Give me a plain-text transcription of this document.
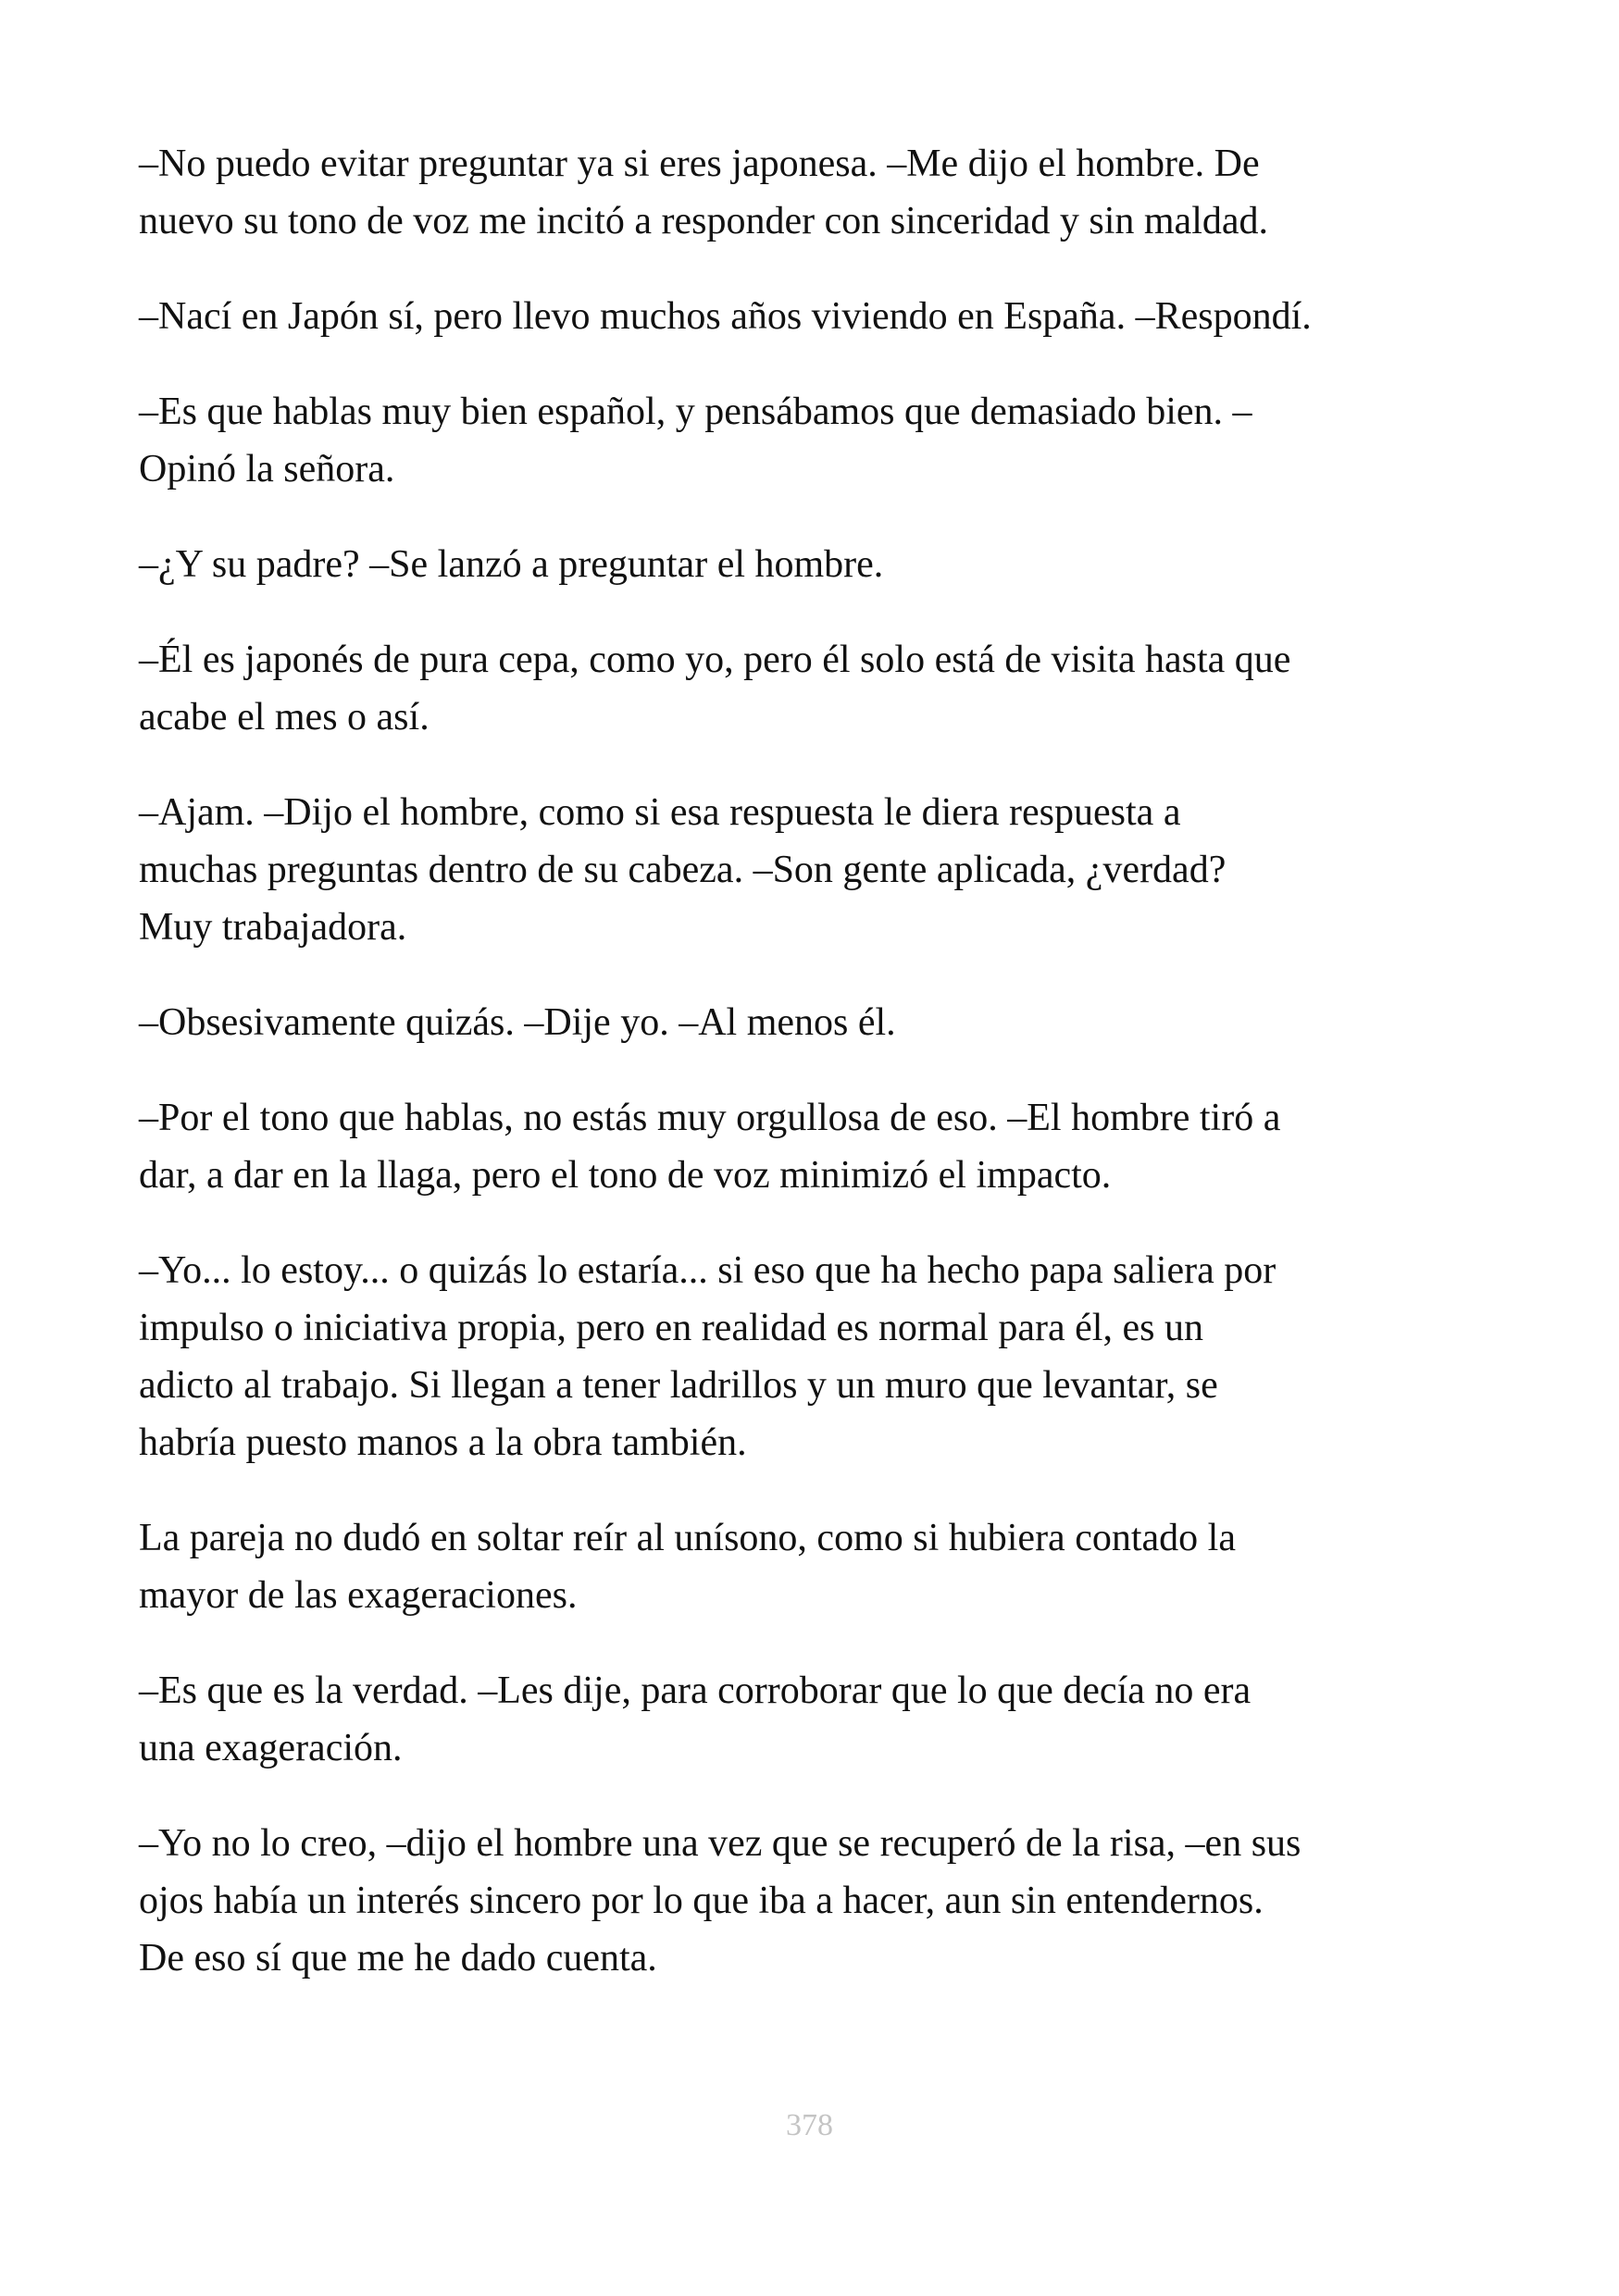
–No puedo evitar preguntar ya si eres japonesa. –Me dijo el hombre. De
nuevo su tono de voz me incitó a responder con sinceridad y sin maldad.

–Nací en Japón sí, pero llevo muchos años viviendo en España. –Respondí.

–Es que hablas muy bien español, y pensábamos que demasiado bien. –
Opinó la señora.

–¿Y su padre? –Se lanzó a preguntar el hombre.

–Él es japonés de pura cepa, como yo, pero él solo está de visita hasta que
acabe el mes o así.

–Ajam. –Dijo el hombre, como si esa respuesta le diera respuesta a
muchas preguntas dentro de su cabeza. –Son gente aplicada, ¿verdad?
Muy trabajadora.

–Obsesivamente quizás. –Dije yo. –Al menos él.

–Por el tono que hablas, no estás muy orgullosa de eso. –El hombre tiró a
dar, a dar en la llaga, pero el tono de voz minimizó el impacto.

–Yo... lo estoy... o quizás lo estaría... si eso que ha hecho papa saliera por
impulso o iniciativa propia, pero en realidad es normal para él, es un
adicto al trabajo. Si llegan a tener ladrillos y un muro que levantar, se
habría puesto manos a la obra también.

La pareja no dudó en soltar reír al unísono, como si hubiera contado la
mayor de las exageraciones.

–Es que es la verdad. –Les dije, para corroborar que lo que decía no era
una exageración.

–Yo no lo creo, –dijo el hombre una vez que se recuperó de la risa, –en sus
ojos había un interés sincero por lo que iba a hacer, aun sin entendernos.
De eso sí que me he dado cuenta.

378
